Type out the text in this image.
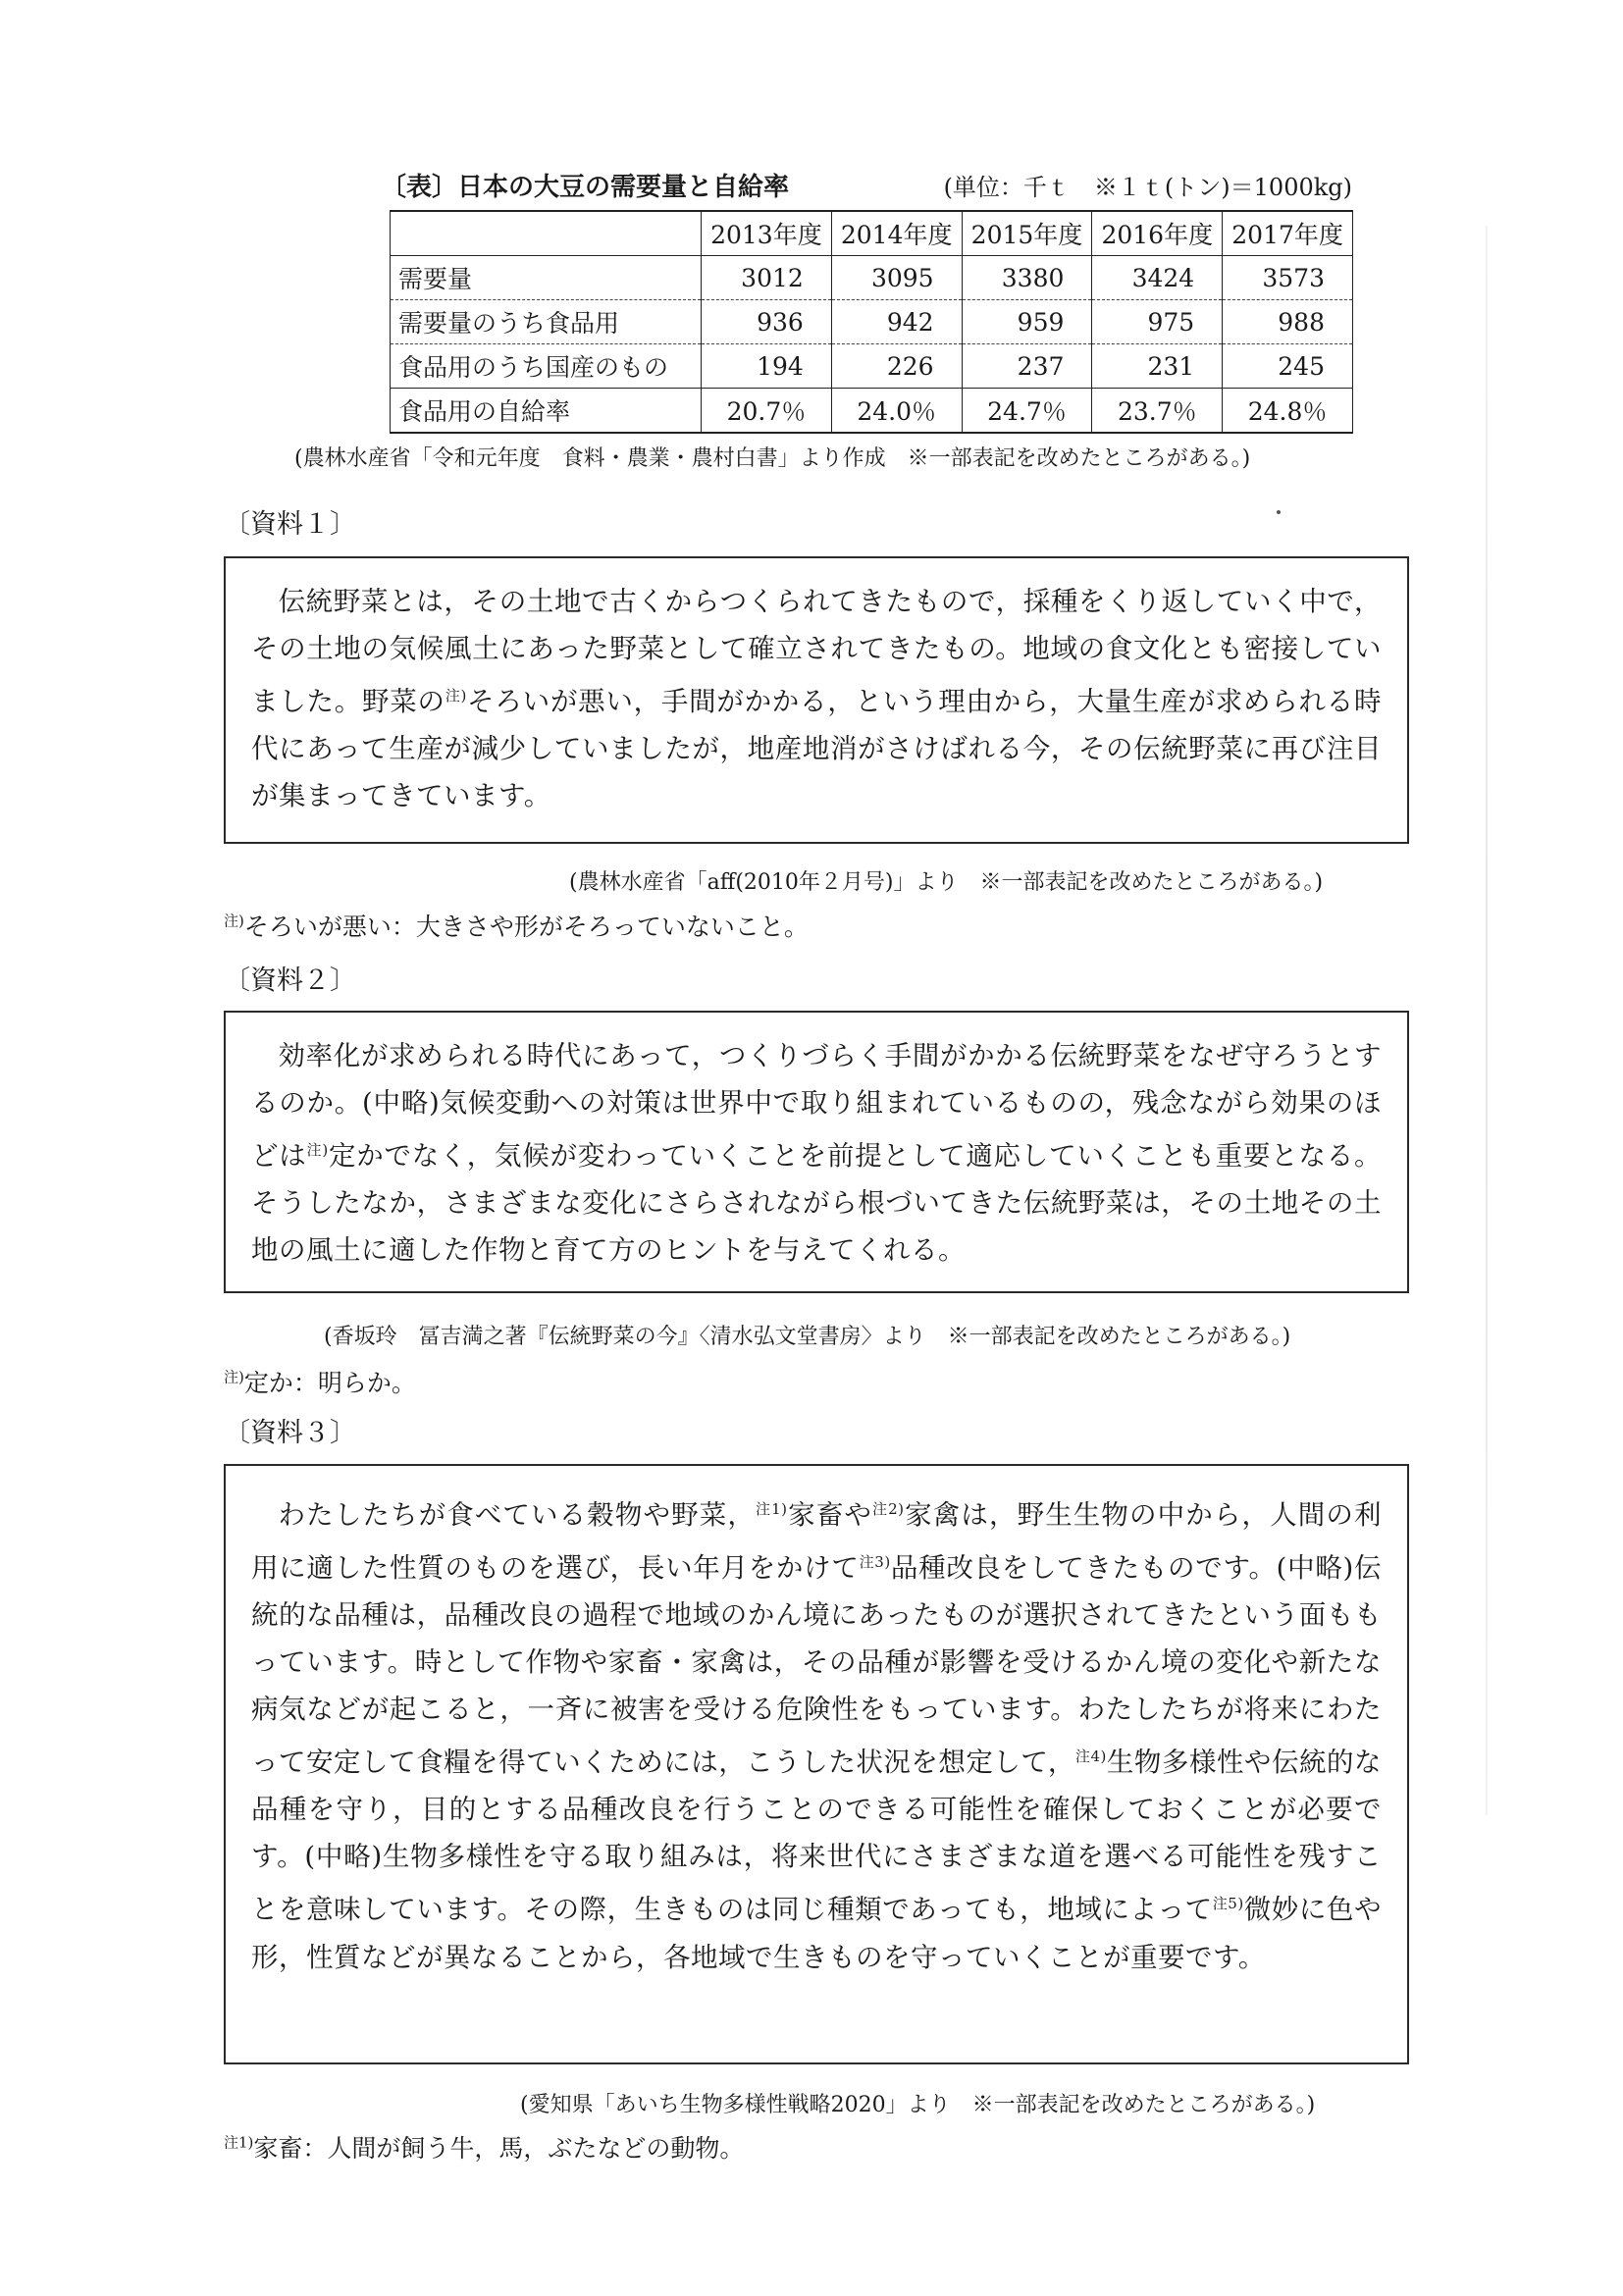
〔表〕日本の大豆の需要量と自給率	(単位：千ｔ　※１ｔ(トン)＝1000kg)
	2013年度	2014年度	2015年度	2016年度	2017年度
需要量	3012	3095	3380	3424	3573
需要量のうち食品用	936	942	959	975	988
食品用のうち国産のもの	194	226	237	231	245
食品用の自給率	20.7％	24.0％	24.7％	23.7％	24.8％
(農林水産省「令和元年度　食料・農業・農村白書」より作成　※一部表記を改めたところがある。)
〔資料１〕

伝統野菜とは，その土地で古くからつくられてきたもので，採種をくり返していく中で，その土地の気候風土にあった野菜として確立されてきたもの。地域の食文化とも密接していました。野菜の$^{注)}$そろいが悪い，手間がかかる，という理由から，大量生産が求められる時代にあって生産が減少していましたが，地産地消がさけばれる今，その伝統野菜に再び注目が集まってきています。

(農林水産省「aff(2010年２月号)」より　※一部表記を改めたところがある。)
$^{注)}$そろいが悪い：大きさや形がそろっていないこと。
〔資料２〕

効率化が求められる時代にあって，つくりづらく手間がかかる伝統野菜をなぜ守ろうとするのか。(中略)気候変動への対策は世界中で取り組まれているものの，残念ながら効果のほどは$^{注)}$定かでなく，気候が変わっていくことを前提として適応していくことも重要となる。そうしたなか，さまざまな変化にさらされながら根づいてきた伝統野菜は，その土地その土地の風土に適した作物と育て方のヒントを与えてくれる。

(香坂玲　冨吉満之著『伝統野菜の今』〈清水弘文堂書房〉より　※一部表記を改めたところがある。)
$^{注)}$定か：明らか。
〔資料３〕

わたしたちが食べている穀物や野菜，$^{注1)}$家畜や$^{注2)}$家禽は，野生生物の中から，人間の利用に適した性質のものを選び，長い年月をかけて$^{注3)}$品種改良をしてきたものです。(中略)伝統的な品種は，品種改良の過程で地域のかん境にあったものが選択されてきたという面ももっています。時として作物や家畜・家禽は，その品種が影響を受けるかん境の変化や新たな病気などが起こると，一斉に被害を受ける危険性をもっています。わたしたちが将来にわたって安定して食糧を得ていくためには，こうした状況を想定して，$^{注4)}$生物多様性や伝統的な品種を守り，目的とする品種改良を行うことのできる可能性を確保しておくことが必要です。(中略)生物多様性を守る取り組みは，将来世代にさまざまな道を選べる可能性を残すことを意味しています。その際，生きものは同じ種類であっても，地域によって$^{注5)}$微妙に色や形，性質などが異なることから，各地域で生きものを守っていくことが重要です。

(愛知県「あいち生物多様性戦略2020」より　※一部表記を改めたところがある。)
$^{注1)}$家畜：人間が飼う牛，馬，ぶたなどの動物。
